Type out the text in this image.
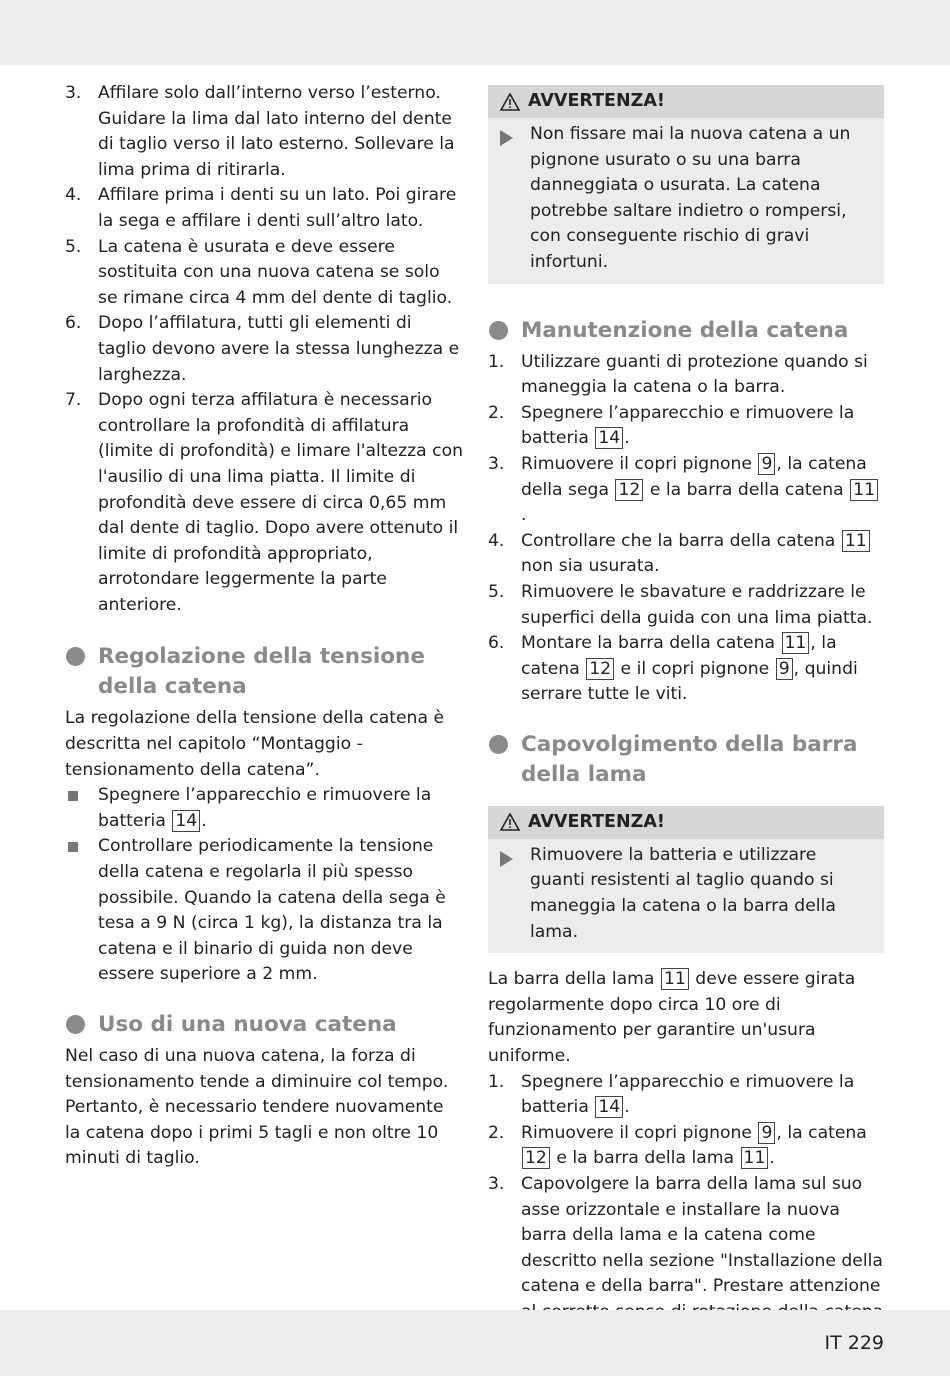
3. Affilare solo dall’interno verso l’esterno. Guidare la lima dal lato interno del dente di taglio verso il lato esterno. Sollevare la lima prima di ritirarla.
4. Affilare prima i denti su un lato. Poi girare la sega e affilare i denti sull’altro lato.
5. La catena è usurata e deve essere sostituita con una nuova catena se solo se rimane circa 4 mm del dente di taglio.
6. Dopo l’affilatura, tutti gli elementi di taglio devono avere la stessa lunghezza e larghezza.
7. Dopo ogni terza affilatura è necessario controllare la profondità di affilatura (limite di profondità) e limare l'altezza con l'ausilio di una lima piatta. Il limite di profondità deve essere di circa 0,65 mm dal dente di taglio. Dopo avere ottenuto il limite di profondità appropriato, arrotondare leggermente la parte anteriore.
Regolazione della tensione della catena

La regolazione della tensione della catena è descritta nel capitolo “Montaggio - tensionamento della catena”.

Spegnere l’apparecchio e rimuovere la batteria 14 .
Controllare periodicamente la tensione della catena e regolarla il più spesso possibile. Quando la catena della sega è tesa a 9 N (circa 1 kg), la distanza tra la catena e il binario di guida non deve essere superiore a 2 mm.
Uso di una nuova catena

Nel caso di una nuova catena, la forza di tensionamento tende a diminuire col tempo. Pertanto, è necessario tendere nuovamente la catena dopo i primi 5 tagli e non oltre 10 minuti di taglio.

AVVERTENZA!
Non fissare mai la nuova catena a un pignone usurato o su una barra danneggiata o usurata. La catena potrebbe saltare indietro o rompersi, con conseguente rischio di gravi infortuni.
Manutenzione della catena
1. Utilizzare guanti di protezione quando si maneggia la catena o la barra.
2. Spegnere l’apparecchio e rimuovere la batteria 14 .
3. Rimuovere il copri pignone 9 , la catena della sega 12 e la barra della catena 11.
4. Controllare che la barra della catena 11 non sia usurata.
5. Rimuovere le sbavature e raddrizzare le superfici della guida con una lima piatta.
6. Montare la barra della catena 11 , la catena 12 e il copri pignone 9 , quindi serrare tutte le viti.
Capovolgimento della barra della lama
AVVERTENZA!
Rimuovere la batteria e utilizzare guanti resistenti al taglio quando si maneggia la catena o la barra della lama.

La barra della lama 11 deve essere girata regolarmente dopo circa 10 ore di funzionamento per garantire un'usura uniforme.

1. Spegnere l’apparecchio e rimuovere la batteria 14 .
2. Rimuovere il copri pignone 9 , la catena 12 e la barra della lama 11 .
3. Capovolgere la barra della lama sul suo asse orizzontale e installare la nuova barra della lama e la catena come descritto nella sezione "Installazione della catena e della barra". Prestare attenzione
IT 229
